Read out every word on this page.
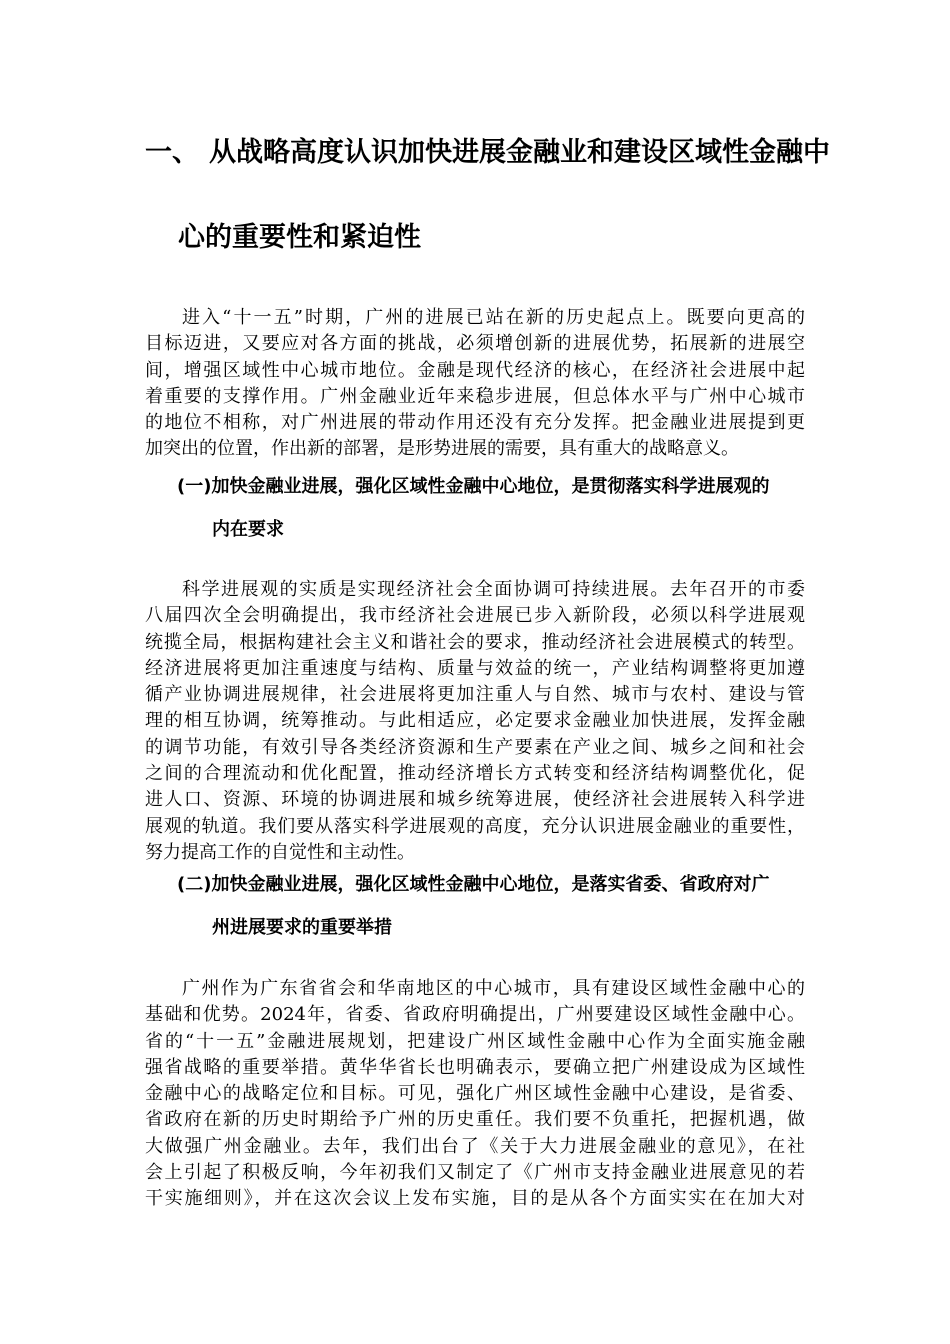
一、 从战略高度认识加快进展金融业和建设区域性金融中
心的重要性和紧迫性
进入“十一五”时期，广州的进展已站在新的历史起点上。既要向更高的
目标迈进，又要应对各方面的挑战，必须增创新的进展优势，拓展新的进展空
间，增强区域性中心城市地位。金融是现代经济的核心，在经济社会进展中起
着重要的支撑作用。广州金融业近年来稳步进展，但总体水平与广州中心城市
的地位不相称，对广州进展的带动作用还没有充分发挥。把金融业进展提到更
加突出的位置，作出新的部署，是形势进展的需要，具有重大的战略意义。
(一)加快金融业进展，强化区域性金融中心地位，是贯彻落实科学进展观的
内在要求
科学进展观的实质是实现经济社会全面协调可持续进展。去年召开的市委
八届四次全会明确提出，我市经济社会进展已步入新阶段，必须以科学进展观
统揽全局，根据构建社会主义和谐社会的要求，推动经济社会进展模式的转型。
经济进展将更加注重速度与结构、质量与效益的统一，产业结构调整将更加遵
循产业协调进展规律，社会进展将更加注重人与自然、城市与农村、建设与管
理的相互协调，统筹推动。与此相适应，必定要求金融业加快进展，发挥金融
的调节功能，有效引导各类经济资源和生产要素在产业之间、城乡之间和社会
之间的合理流动和优化配置，推动经济增长方式转变和经济结构调整优化，促
进人口、资源、环境的协调进展和城乡统筹进展，使经济社会进展转入科学进
展观的轨道。我们要从落实科学进展观的高度，充分认识进展金融业的重要性，
努力提高工作的自觉性和主动性。
(二)加快金融业进展，强化区域性金融中心地位，是落实省委、省政府对广
州进展要求的重要举措
广州作为广东省省会和华南地区的中心城市，具有建设区域性金融中心的
基础和优势。2024年，省委、省政府明确提出，广州要建设区域性金融中心。
省的“十一五”金融进展规划，把建设广州区域性金融中心作为全面实施金融
强省战略的重要举措。黄华华省长也明确表示，要确立把广州建设成为区域性
金融中心的战略定位和目标。可见，强化广州区域性金融中心建设，是省委、
省政府在新的历史时期给予广州的历史重任。我们要不负重托，把握机遇，做
大做强广州金融业。去年，我们出台了《关于大力进展金融业的意见》，在社
会上引起了积极反响，今年初我们又制定了《广州市支持金融业进展意见的若
干实施细则》，并在这次会议上发布实施，目的是从各个方面实实在在加大对
